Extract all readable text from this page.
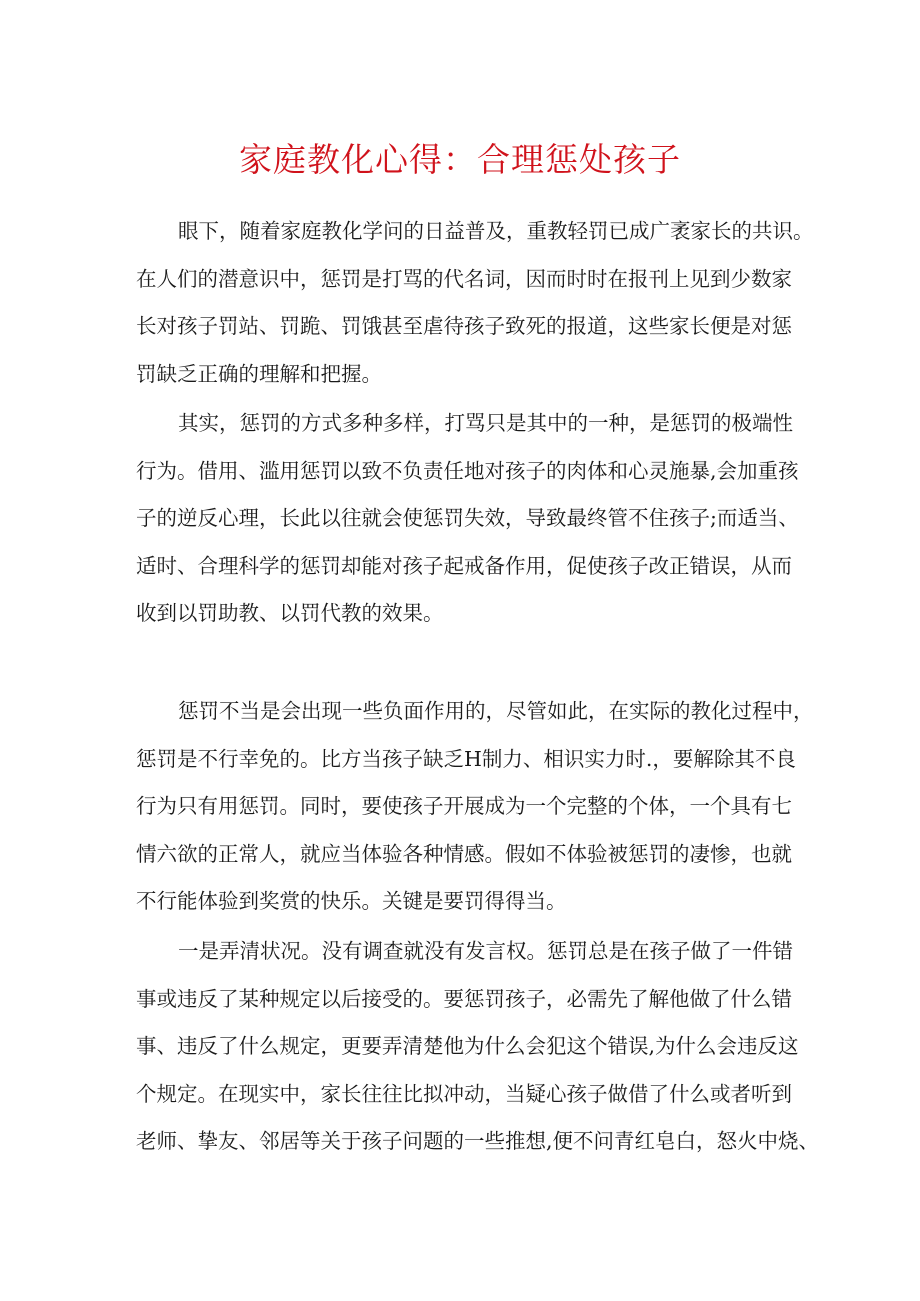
家庭教化心得：合理惩处孩子
眼下，随着家庭教化学问的日益普及，重教轻罚已成广袤家长的共识。
在人们的潜意识中，惩罚是打骂的代名词，因而时时在报刊上见到少数家
长对孩子罚站、罚跪、罚饿甚至虐待孩子致死的报道，这些家长便是对惩
罚缺乏正确的理解和把握。
其实，惩罚的方式多种多样，打骂只是其中的一种，是惩罚的极端性
行为。借用、滥用惩罚以致不负责任地对孩子的肉体和心灵施暴,会加重孩
子的逆反心理，长此以往就会使惩罚失效，导致最终管不住孩子;而适当、
适时、合理科学的惩罚却能对孩子起戒备作用，促使孩子改正错误，从而
收到以罚助教、以罚代教的效果。
惩罚不当是会出现一些负面作用的，尽管如此，在实际的教化过程中，
惩罚是不行幸免的。比方当孩子缺乏H制力、相识实力时.，要解除其不良
行为只有用惩罚。同时，要使孩子开展成为一个完整的个体，一个具有七
情六欲的正常人，就应当体验各种情感。假如不体验被惩罚的凄惨，也就
不行能体验到奖赏的快乐。关键是要罚得得当。
一是弄清状况。没有调查就没有发言权。惩罚总是在孩子做了一件错
事或违反了某种规定以后接受的。要惩罚孩子，必需先了解他做了什么错
事、违反了什么规定，更要弄清楚他为什么会犯这个错误,为什么会违反这
个规定。在现实中，家长往往比拟冲动，当疑心孩子做借了什么或者听到
老师、挚友、邻居等关于孩子问题的一些推想,便不问青红皂白，怒火中烧、
